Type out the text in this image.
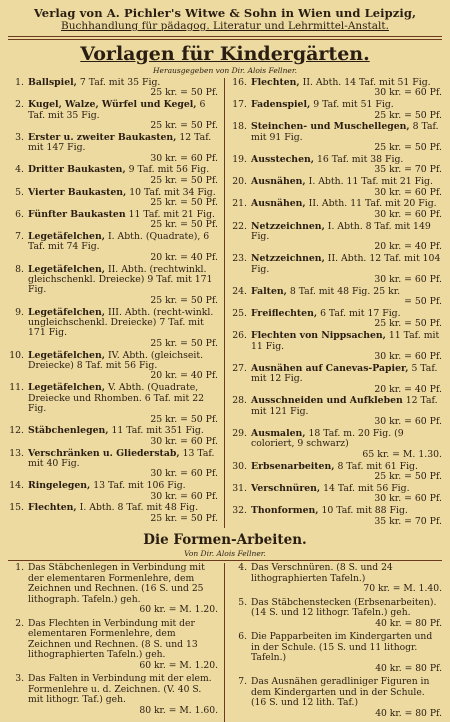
Verlag von A. Pichler's Witwe & Sohn in Wien und Leipzig,
Buchhandlung für pädagog. Literatur und Lehrmittel-Anstalt.
Vorlagen für Kindergärten.
Herausgegeben von Dir. Alois Fellner.
1. Ballspiel, 7 Taf. mit 35 Fig.
25 kr. = 50 Pf.
2. Kugel, Walze, Würfel und Kegel, 6 Taf. mit 35 Fig.
25 kr. = 50 Pf.
3. Erster u. zweiter Baukasten, 12 Taf. mit 147 Fig.
30 kr. = 60 Pf.
4. Dritter Baukasten, 9 Taf. mit 56 Fig.
25 kr. = 50 Pf.
5. Vierter Baukasten, 10 Taf. mit 34 Fig.
25 kr. = 50 Pf.
6. Fünfter Baukasten 11 Taf. mit 21 Fig.
25 kr. = 50 Pf.
7. Legetäfelchen, I. Abth. (Quadrate), 6 Taf. mit 74 Fig.
20 kr. = 40 Pf.
8. Legetäfelchen, II. Abth. (rechtwinkl. gleichschenkl. Dreiecke) 9 Taf. mit 171 Fig.
25 kr. = 50 Pf.
9. Legetäfelchen, III. Abth. (recht-winkl. ungleichschenkl. Dreiecke) 7 Taf. mit 171 Fig.
25 kr. = 50 Pf.
10. Legetäfelchen, IV. Abth. (gleichseit. Dreiecke) 8 Taf. mit 56 Fig.
20 kr. = 40 Pf.
11. Legetäfelchen, V. Abth. (Quadrate, Dreiecke und Rhomben. 6 Taf. mit 22 Fig.
25 kr. = 50 Pf.
12. Stäbchenlegen, 11 Taf. mit 351 Fig.
30 kr. = 60 Pf.
13. Verschränken u. Gliederstab, 13 Taf. mit 40 Fig.
30 kr. = 60 Pf.
14. Ringelegen, 13 Taf. mit 106 Fig.
30 kr. = 60 Pf.
15. Flechten, I. Abth. 8 Taf. mit 48 Fig.
25 kr. = 50 Pf.
16. Flechten, II. Abth. 14 Taf. mit 51 Fig.
30 kr. = 60 Pf.
17. Fadenspiel, 9 Taf. mit 51 Fig.
25 kr. = 50 Pf.
18. Steinchen- und Muschellegen, 8 Taf. mit 91 Fig.
25 kr. = 50 Pf.
19. Ausstechen, 16 Taf. mit 38 Fig.
35 kr. = 70 Pf.
20. Ausnähen, I. Abth. 11 Taf. mit 21 Fig.
30 kr. = 60 Pf.
21. Ausnähen, II. Abth. 11 Taf. mit 20 Fig.
30 kr. = 60 Pf.
22. Netzzeichnen, I. Abth. 8 Taf. mit 149 Fig.
20 kr. = 40 Pf.
23. Netzzeichnen, II. Abth. 12 Taf. mit 104 Fig.
30 kr. = 60 Pf.
24. Falten, 8 Taf. mit 48 Fig. 25 kr.
= 50 Pf.
25. Freiflechten, 6 Taf. mit 17 Fig.
25 kr. = 50 Pf.
26. Flechten von Nippsachen, 11 Taf. mit 11 Fig.
30 kr. = 60 Pf.
27. Ausnähen auf Canevas-Papier, 5 Taf. mit 12 Fig.
20 kr. = 40 Pf.
28. Ausschneiden und Aufkleben 12 Taf. mit 121 Fig.
30 kr. = 60 Pf.
29. Ausmalen, 18 Taf. m. 20 Fig. (9 coloriert, 9 schwarz)
65 kr. = M. 1.30.
30. Erbsenarbeiten, 8 Taf. mit 61 Fig.
25 kr. = 50 Pf.
31. Verschnüren, 14 Taf. mit 56 Fig.
30 kr. = 60 Pf.
32. Thonformen, 10 Taf. mit 88 Fig.
35 kr. = 70 Pf.
Die Formen-Arbeiten.
Von Dir. Alois Fellner.
1. Das Stäbchenlegen in Verbindung mit der elementaren Formenlehre, dem Zeichnen und Rechnen. (16 S. und 25 lithograph. Tafeln.) geh.
60 kr. = M. 1.20.
2. Das Flechten in Verbindung mit der elementaren Formenlehre, dem Zeichnen und Rechnen. (8 S. und 13 lithographierten Tafeln.) geh.
60 kr. = M. 1.20.
3. Das Falten in Verbindung mit der elem. Formenlehre u. d. Zeichnen. (V. 40 S. mit lithogr. Taf.) geh.
80 kr. = M. 1.60.
4. Das Verschnüren. (8 S. und 24 lithographierten Tafeln.)
70 kr. = M. 1.40.
5. Das Stäbchenstecken (Erbsenarbeiten). (14 S. und 12 lithogr. Tafeln.) geh.
40 kr. = 80 Pf.
6. Die Papparbeiten im Kindergarten und in der Schule. (15 S. und 11 lithogr. Tafeln.)
40 kr. = 80 Pf.
7. Das Ausnähen geradliniger Figuren in dem Kindergarten und in der Schule. (16 S. und 12 lith. Taf.)
40 kr. = 80 Pf.
